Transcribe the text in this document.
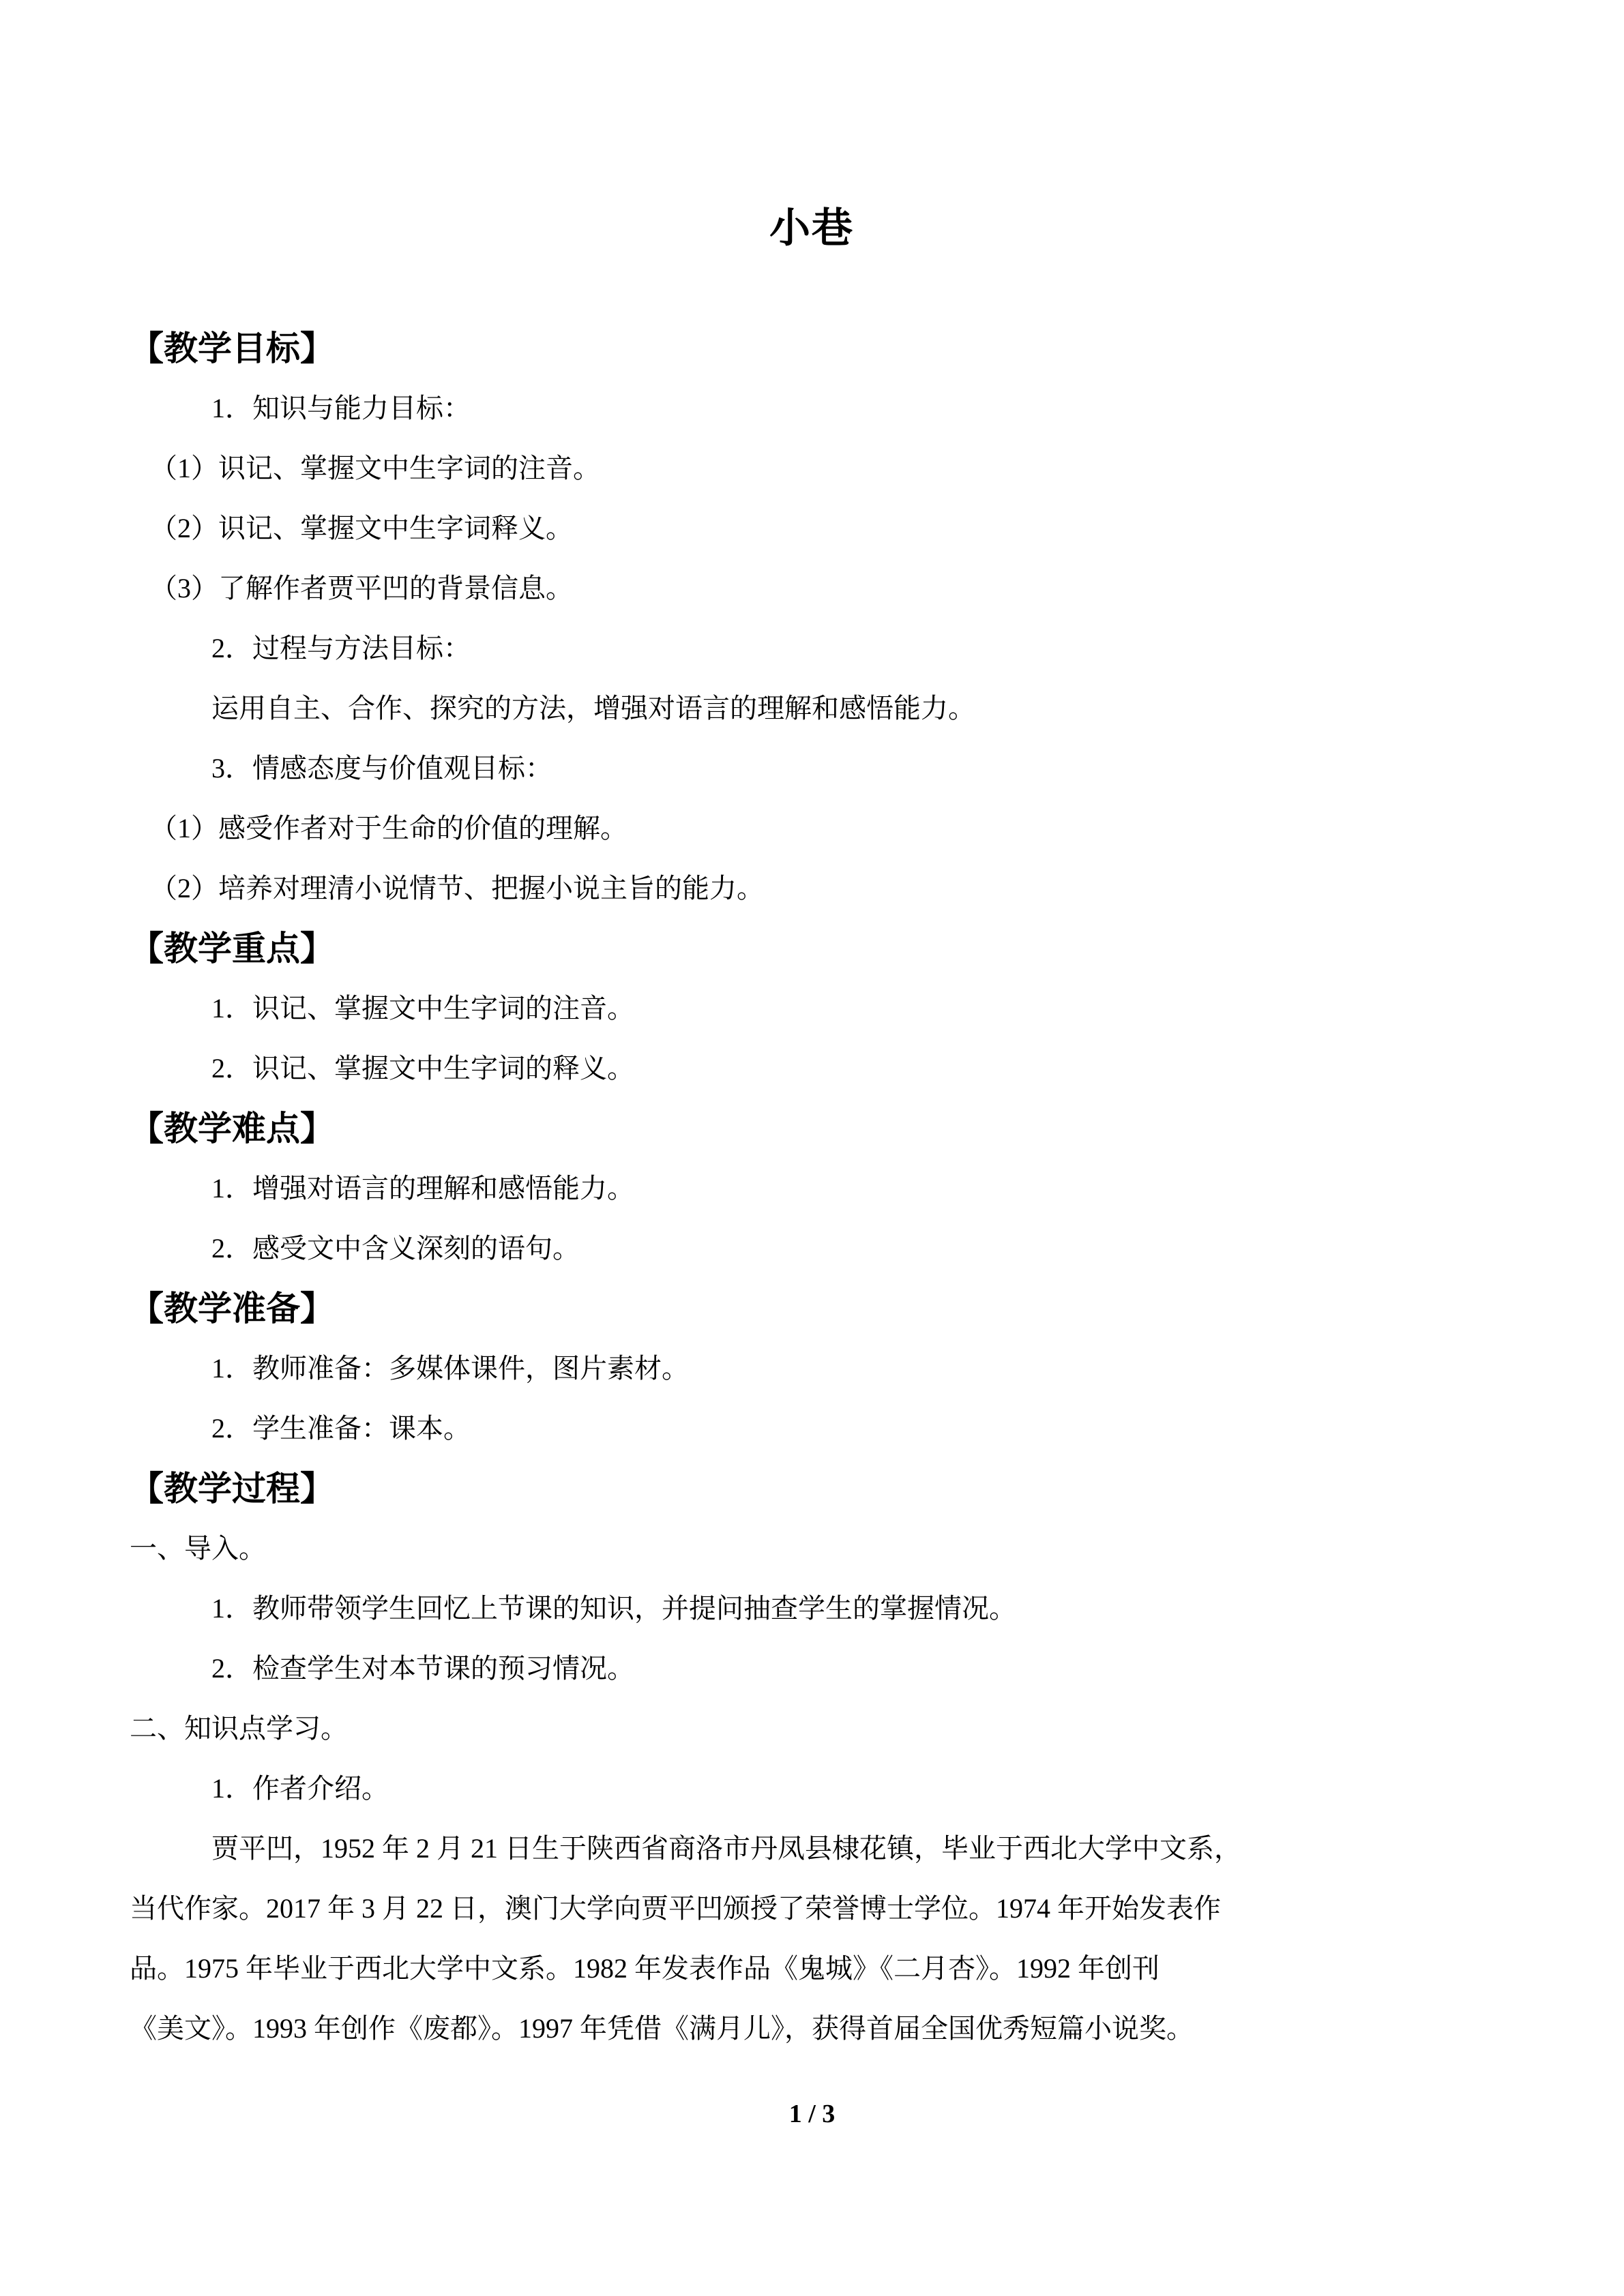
小巷
【教学目标】
1．知识与能力目标：
（1）识记、掌握文中生字词的注音。
（2）识记、掌握文中生字词释义。
（3）了解作者贾平凹的背景信息。
2．过程与方法目标：
运用自主、合作、探究的方法，增强对语言的理解和感悟能力。
3．情感态度与价值观目标：
（1）感受作者对于生命的价值的理解。
（2）培养对理清小说情节、把握小说主旨的能力。
【教学重点】
1．识记、掌握文中生字词的注音。
2．识记、掌握文中生字词的释义。
【教学难点】
1．增强对语言的理解和感悟能力。
2．感受文中含义深刻的语句。
【教学准备】
1．教师准备：多媒体课件，图片素材。
2．学生准备：课本。
【教学过程】
一、导入。
1．教师带领学生回忆上节课的知识，并提问抽查学生的掌握情况。
2．检查学生对本节课的预习情况。
二、知识点学习。
1．作者介绍。
贾平凹，1952 年 2 月 21 日生于陕西省商洛市丹凤县棣花镇，毕业于西北大学中文系，
当代作家。2017 年 3 月 22 日，澳门大学向贾平凹颁授了荣誉博士学位。1974 年开始发表作
品。1975 年毕业于西北大学中文系。1982 年发表作品《鬼城》《二月杏》。1992 年创刊
《美文》。1993 年创作《废都》。1997 年凭借《满月儿》，获得首届全国优秀短篇小说奖。
1 / 3
